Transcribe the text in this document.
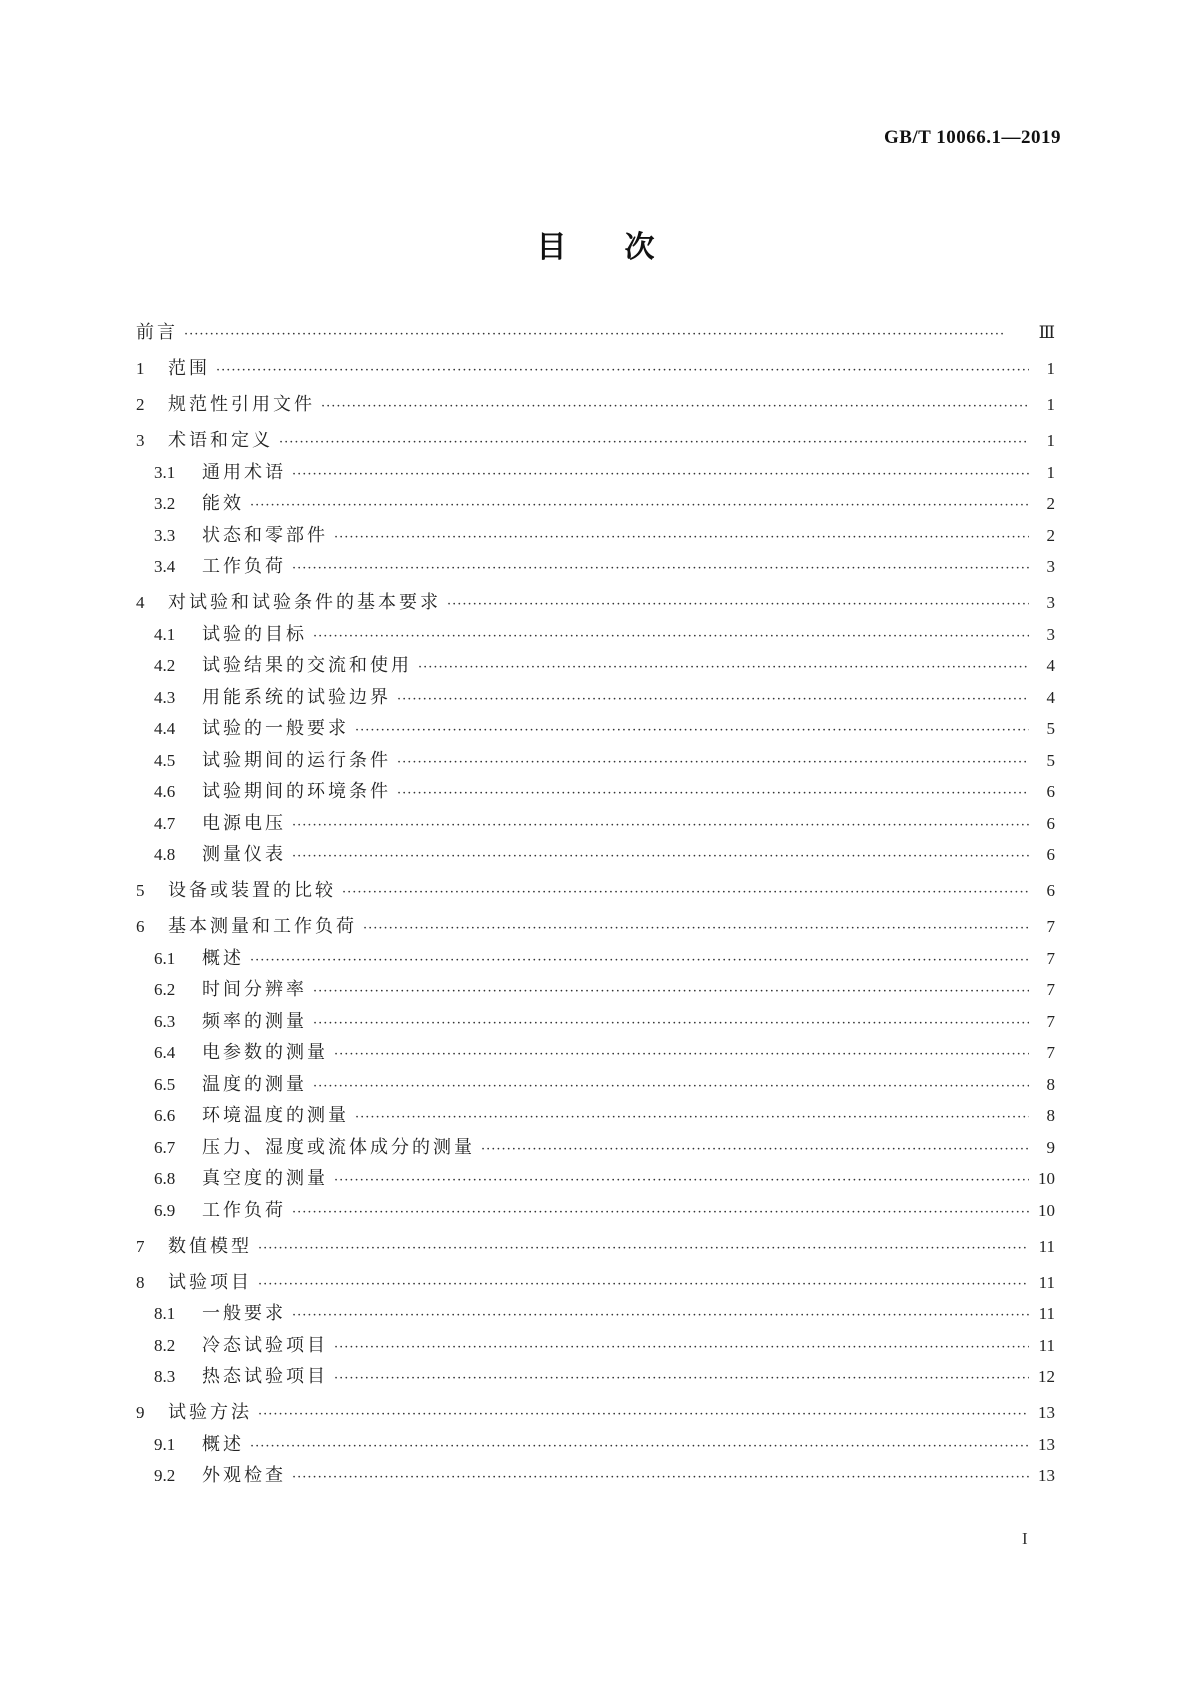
GB/T 10066.1—2019
目次
前言 ·····	Ⅲ
1	范围 ·····	1
2	规范性引用文件 ·····	1
3	术语和定义 ·····	1
3.1	通用术语 ·····	1
3.2	能效 ·····	2
3.3	状态和零部件 ·····	2
3.4	工作负荷 ·····	3
4	对试验和试验条件的基本要求 ·····	3
4.1	试验的目标 ·····	3
4.2	试验结果的交流和使用 ·····	4
4.3	用能系统的试验边界 ·····	4
4.4	试验的一般要求 ·····	5
4.5	试验期间的运行条件 ·····	5
4.6	试验期间的环境条件 ·····	6
4.7	电源电压 ·····	6
4.8	测量仪表 ·····	6
5	设备或装置的比较 ·····	6
6	基本测量和工作负荷 ·····	7
6.1	概述 ·····	7
6.2	时间分辨率 ·····	7
6.3	频率的测量 ·····	7
6.4	电参数的测量 ·····	7
6.5	温度的测量 ·····	8
6.6	环境温度的测量 ·····	8
6.7	压力、湿度或流体成分的测量 ·····	9
6.8	真空度的测量 ·····	10
6.9	工作负荷 ·····	10
7	数值模型 ·····	11
8	试验项目 ·····	11
8.1	一般要求 ·····	11
8.2	冷态试验项目 ·····	11
8.3	热态试验项目 ·····	12
9	试验方法 ·····	13
9.1	概述 ·····	13
9.2	外观检查 ·····	13
I
